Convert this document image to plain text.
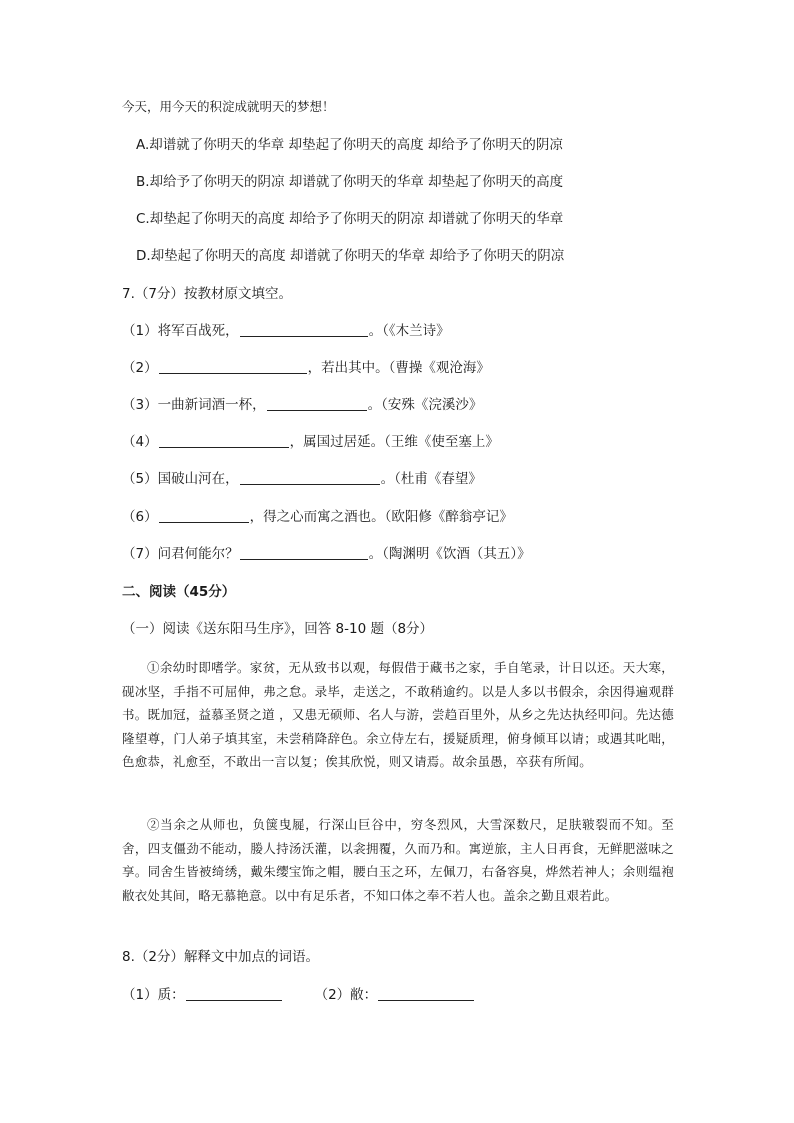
今天，用今天的积淀成就明天的梦想！
A.却谱就了你明天的华章 却垫起了你明天的高度 却给予了你明天的阴凉
B.却给予了你明天的阴凉 却谱就了你明天的华章 却垫起了你明天的高度
C.却垫起了你明天的高度 却给予了你明天的阴凉 却谱就了你明天的华章
D.却垫起了你明天的高度 却谱就了你明天的华章 却给予了你明天的阴凉
7.（7分）按教材原文填空。
（1）将军百战死，	。（《木兰诗》
（2）	，若出其中。（曹操《观沧海》
（3）一曲新词酒一杯，	。（安殊《浣溪沙》
（4）	，属国过居延。（王维《使至塞上》
（5）国破山河在，	。（杜甫《春望》
（6）	，得之心而寓之酒也。（欧阳修《醉翁亭记》
（7）问君何能尔？	。（陶渊明《饮酒（其五）》
二、阅读（45分）
（一）阅读《送东阳马生序》，回答 8-10 题（8分）
①余幼时即嗜学。家贫，无从致书以观，每假借于藏书之家，手自笔录，计日以还。天大寒，砚冰坚，手指不可屈伸，弗之怠。录毕，走送之，不敢稍逾约。以是人多以书假余，余因得遍观群书。既加冠，益慕圣贤之道 ，又患无硕师、名人与游，尝趋百里外，从乡之先达执经叩问。先达德隆望尊，门人弟子填其室，未尝稍降辞色。余立侍左右，援疑质理，俯身倾耳以请；或遇其叱咄，色愈恭，礼愈至，不敢出一言以复；俟其欣悦，则又请焉。故余虽愚，卒获有所闻。
②当余之从师也，负箧曳屣，行深山巨谷中，穷冬烈风，大雪深数尺，足肤皲裂而不知。至舍，四支僵劲不能动，媵人持汤沃灌，以衾拥覆，久而乃和。寓逆旅，主人日再食，无鲜肥滋味之享。同舍生皆被绮绣，戴朱缨宝饰之帽，腰白玉之环，左佩刀，右备容臭，烨然若神人；余则缊袍敝衣处其间，略无慕艳意。以中有足乐者，不知口体之奉不若人也。盖余之勤且艰若此。
8.（2分）解释文中加点的词语。
（1）质：	（2）敝：
